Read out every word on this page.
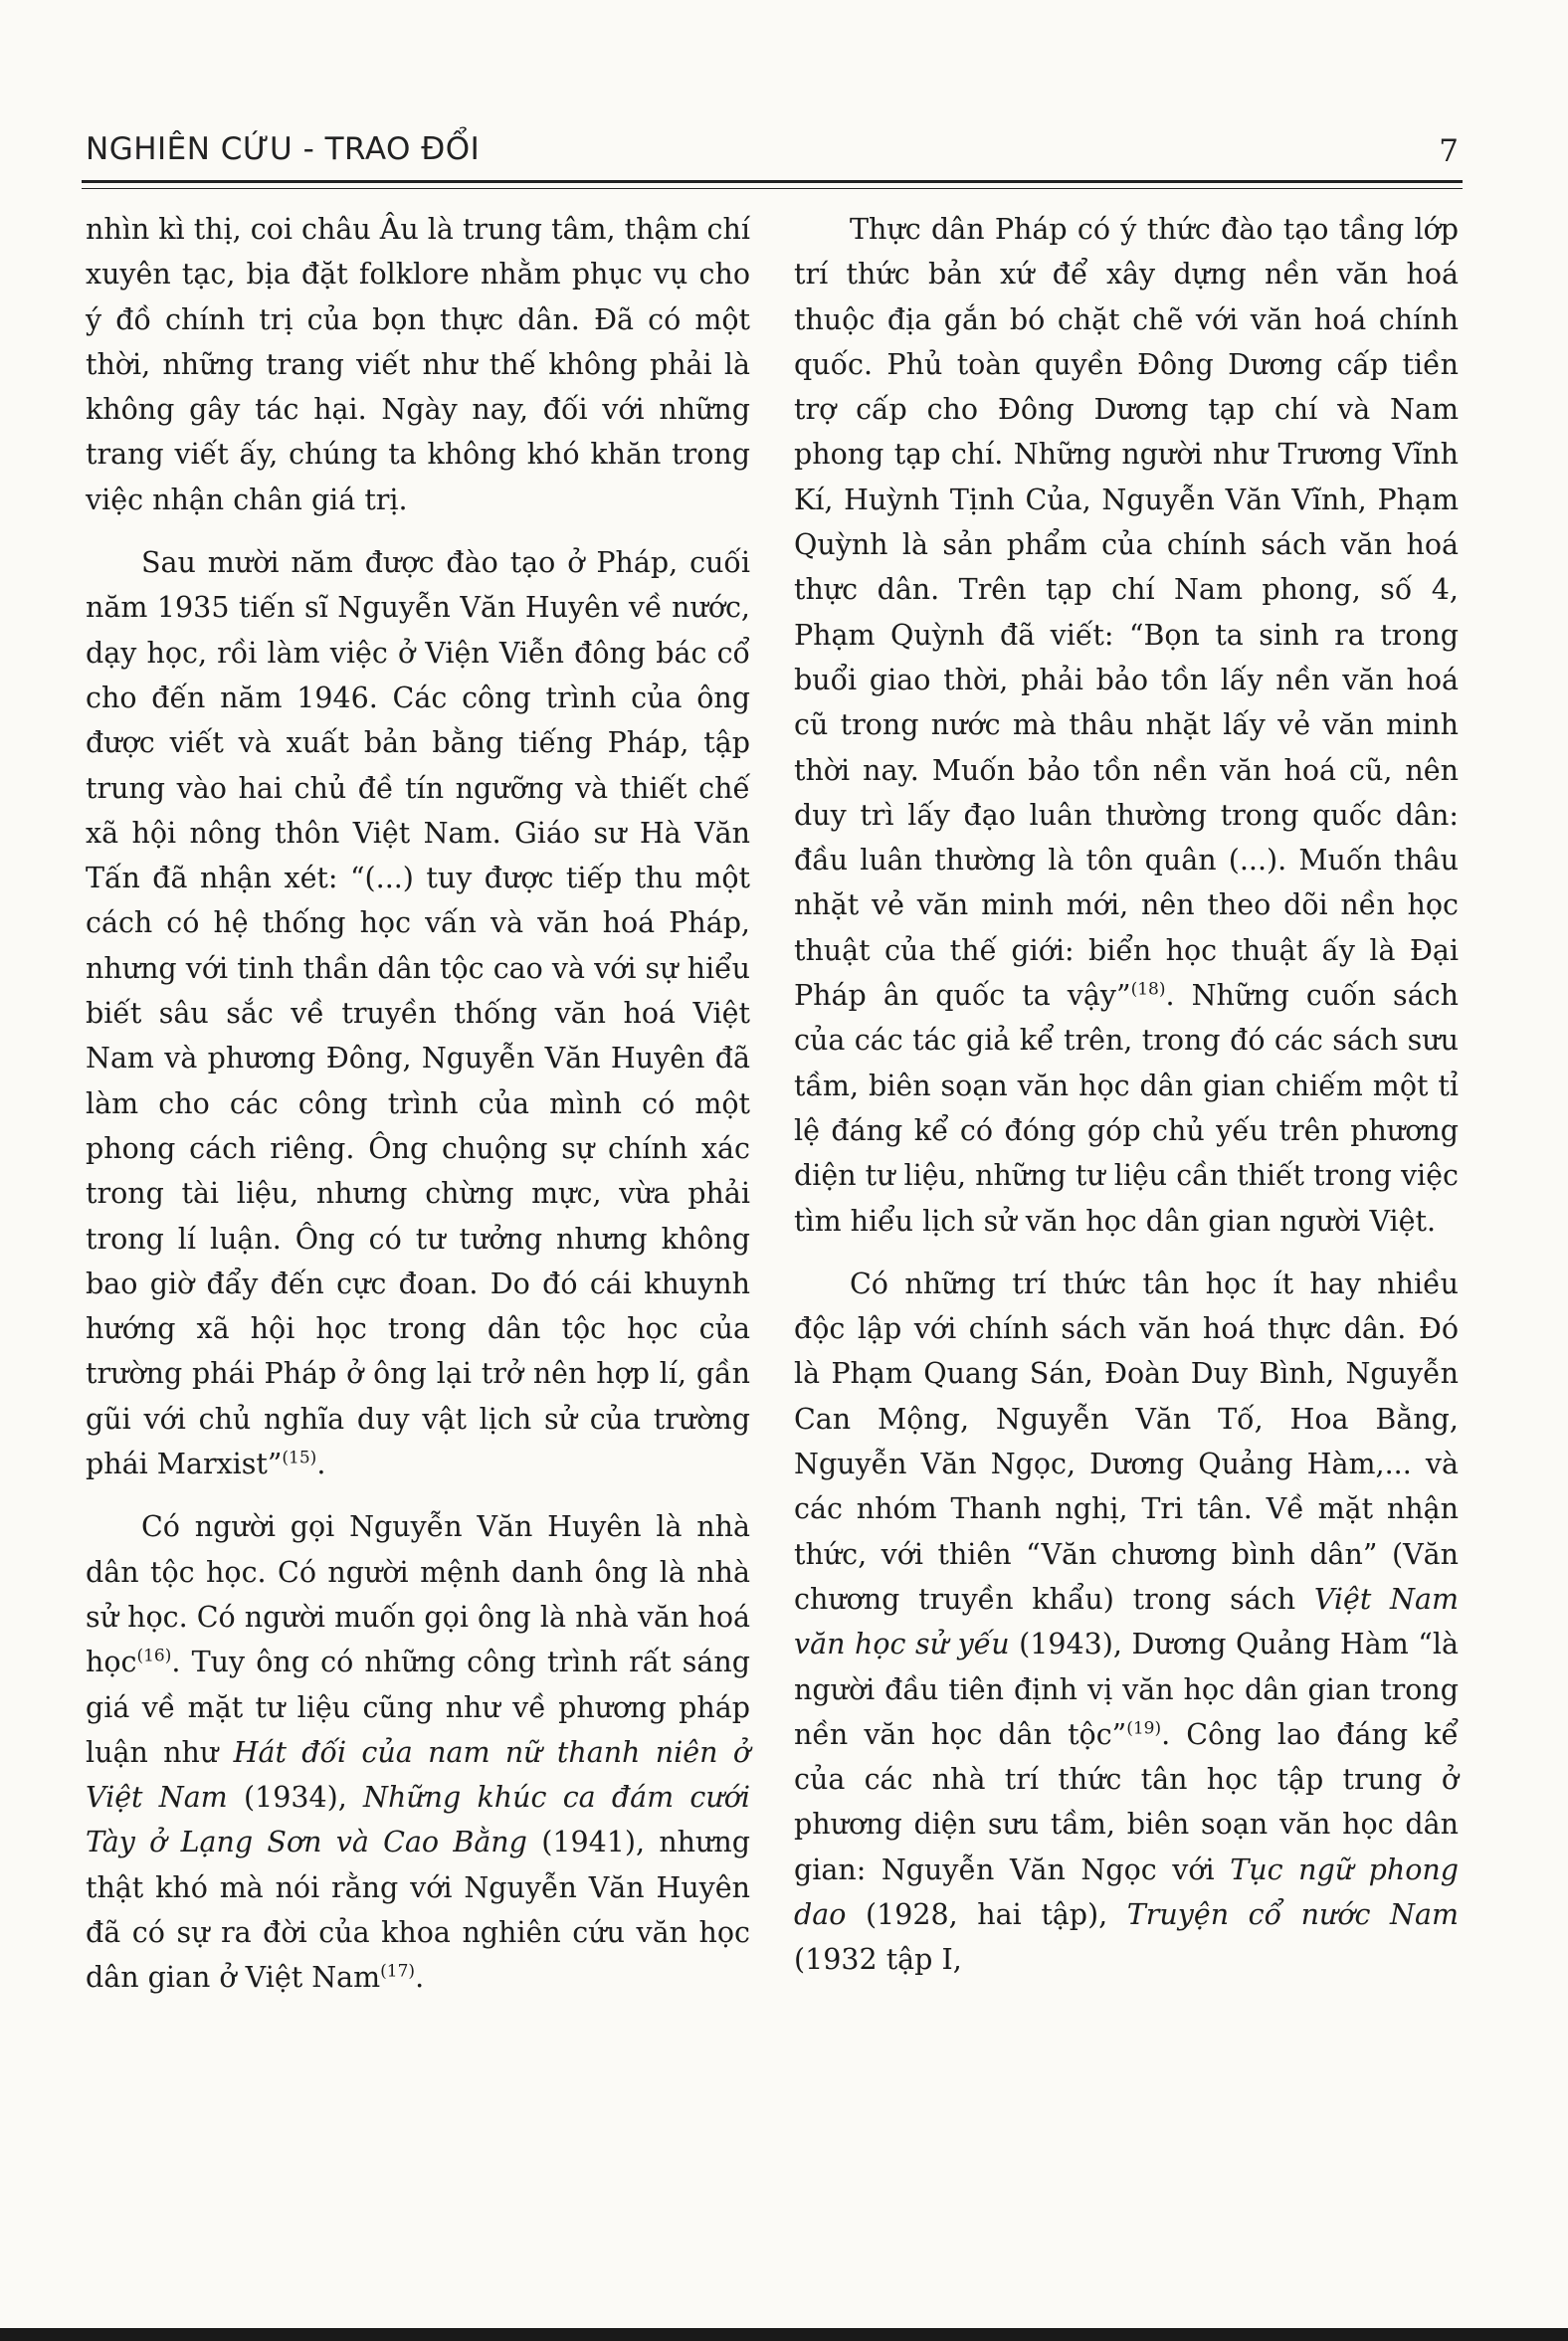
NGHIÊN CỨU - TRAO ĐỔI	7

nhìn kì thị, coi châu Âu là trung tâm, thậm chí xuyên tạc, bịa đặt folklore nhằm phục vụ cho ý đồ chính trị của bọn thực dân. Đã có một thời, những trang viết như thế không phải là không gây tác hại. Ngày nay, đối với những trang viết ấy, chúng ta không khó khăn trong việc nhận chân giá trị.

Sau mười năm được đào tạo ở Pháp, cuối năm 1935 tiến sĩ Nguyễn Văn Huyên về nước, dạy học, rồi làm việc ở Viện Viễn đông bác cổ cho đến năm 1946. Các công trình của ông được viết và xuất bản bằng tiếng Pháp, tập trung vào hai chủ đề tín ngưỡng và thiết chế xã hội nông thôn Việt Nam. Giáo sư Hà Văn Tấn đã nhận xét: “(...) tuy được tiếp thu một cách có hệ thống học vấn và văn hoá Pháp, nhưng với tinh thần dân tộc cao và với sự hiểu biết sâu sắc về truyền thống văn hoá Việt Nam và phương Đông, Nguyễn Văn Huyên đã làm cho các công trình của mình có một phong cách riêng. Ông chuộng sự chính xác trong tài liệu, nhưng chừng mực, vừa phải trong lí luận. Ông có tư tưởng nhưng không bao giờ đẩy đến cực đoan. Do đó cái khuynh hướng xã hội học trong dân tộc học của trường phái Pháp ở ông lại trở nên hợp lí, gần gũi với chủ nghĩa duy vật lịch sử của trường phái Marxist”$^{(15)}$.

Có người gọi Nguyễn Văn Huyên là nhà dân tộc học. Có người mệnh danh ông là nhà sử học. Có người muốn gọi ông là nhà văn hoá học$^{(16)}$. Tuy ông có những công trình rất sáng giá về mặt tư liệu cũng như về phương pháp luận như Hát đối của nam nữ thanh niên ở Việt Nam (1934), Những khúc ca đám cưới Tày ở Lạng Sơn và Cao Bằng (1941), nhưng thật khó mà nói rằng với Nguyễn Văn Huyên đã có sự ra đời của khoa nghiên cứu văn học dân gian ở Việt Nam$^{(17)}$.

Thực dân Pháp có ý thức đào tạo tầng lớp trí thức bản xứ để xây dựng nền văn hoá thuộc địa gắn bó chặt chẽ với văn hoá chính quốc. Phủ toàn quyền Đông Dương cấp tiền trợ cấp cho Đông Dương tạp chí và Nam phong tạp chí. Những người như Trương Vĩnh Kí, Huỳnh Tịnh Của, Nguyễn Văn Vĩnh, Phạm Quỳnh là sản phẩm của chính sách văn hoá thực dân. Trên tạp chí Nam phong, số 4, Phạm Quỳnh đã viết: “Bọn ta sinh ra trong buổi giao thời, phải bảo tồn lấy nền văn hoá cũ trong nước mà thâu nhặt lấy vẻ văn minh thời nay. Muốn bảo tồn nền văn hoá cũ, nên duy trì lấy đạo luân thường trong quốc dân: đầu luân thường là tôn quân (...). Muốn thâu nhặt vẻ văn minh mới, nên theo dõi nền học thuật của thế giới: biển học thuật ấy là Đại Pháp ân quốc ta vậy”$^{(18)}$. Những cuốn sách của các tác giả kể trên, trong đó các sách sưu tầm, biên soạn văn học dân gian chiếm một tỉ lệ đáng kể có đóng góp chủ yếu trên phương diện tư liệu, những tư liệu cần thiết trong việc tìm hiểu lịch sử văn học dân gian người Việt.

Có những trí thức tân học ít hay nhiều độc lập với chính sách văn hoá thực dân. Đó là Phạm Quang Sán, Đoàn Duy Bình, Nguyễn Can Mộng, Nguyễn Văn Tố, Hoa Bằng, Nguyễn Văn Ngọc, Dương Quảng Hàm,... và các nhóm Thanh nghị, Tri tân. Về mặt nhận thức, với thiên “Văn chương bình dân” (Văn chương truyền khẩu) trong sách Việt Nam văn học sử yếu (1943), Dương Quảng Hàm “là người đầu tiên định vị văn học dân gian trong nền văn học dân tộc”$^{(19)}$. Công lao đáng kể của các nhà trí thức tân học tập trung ở phương diện sưu tầm, biên soạn văn học dân gian: Nguyễn Văn Ngọc với Tục ngữ phong dao (1928, hai tập), Truyện cổ nước Nam (1932 tập I,
